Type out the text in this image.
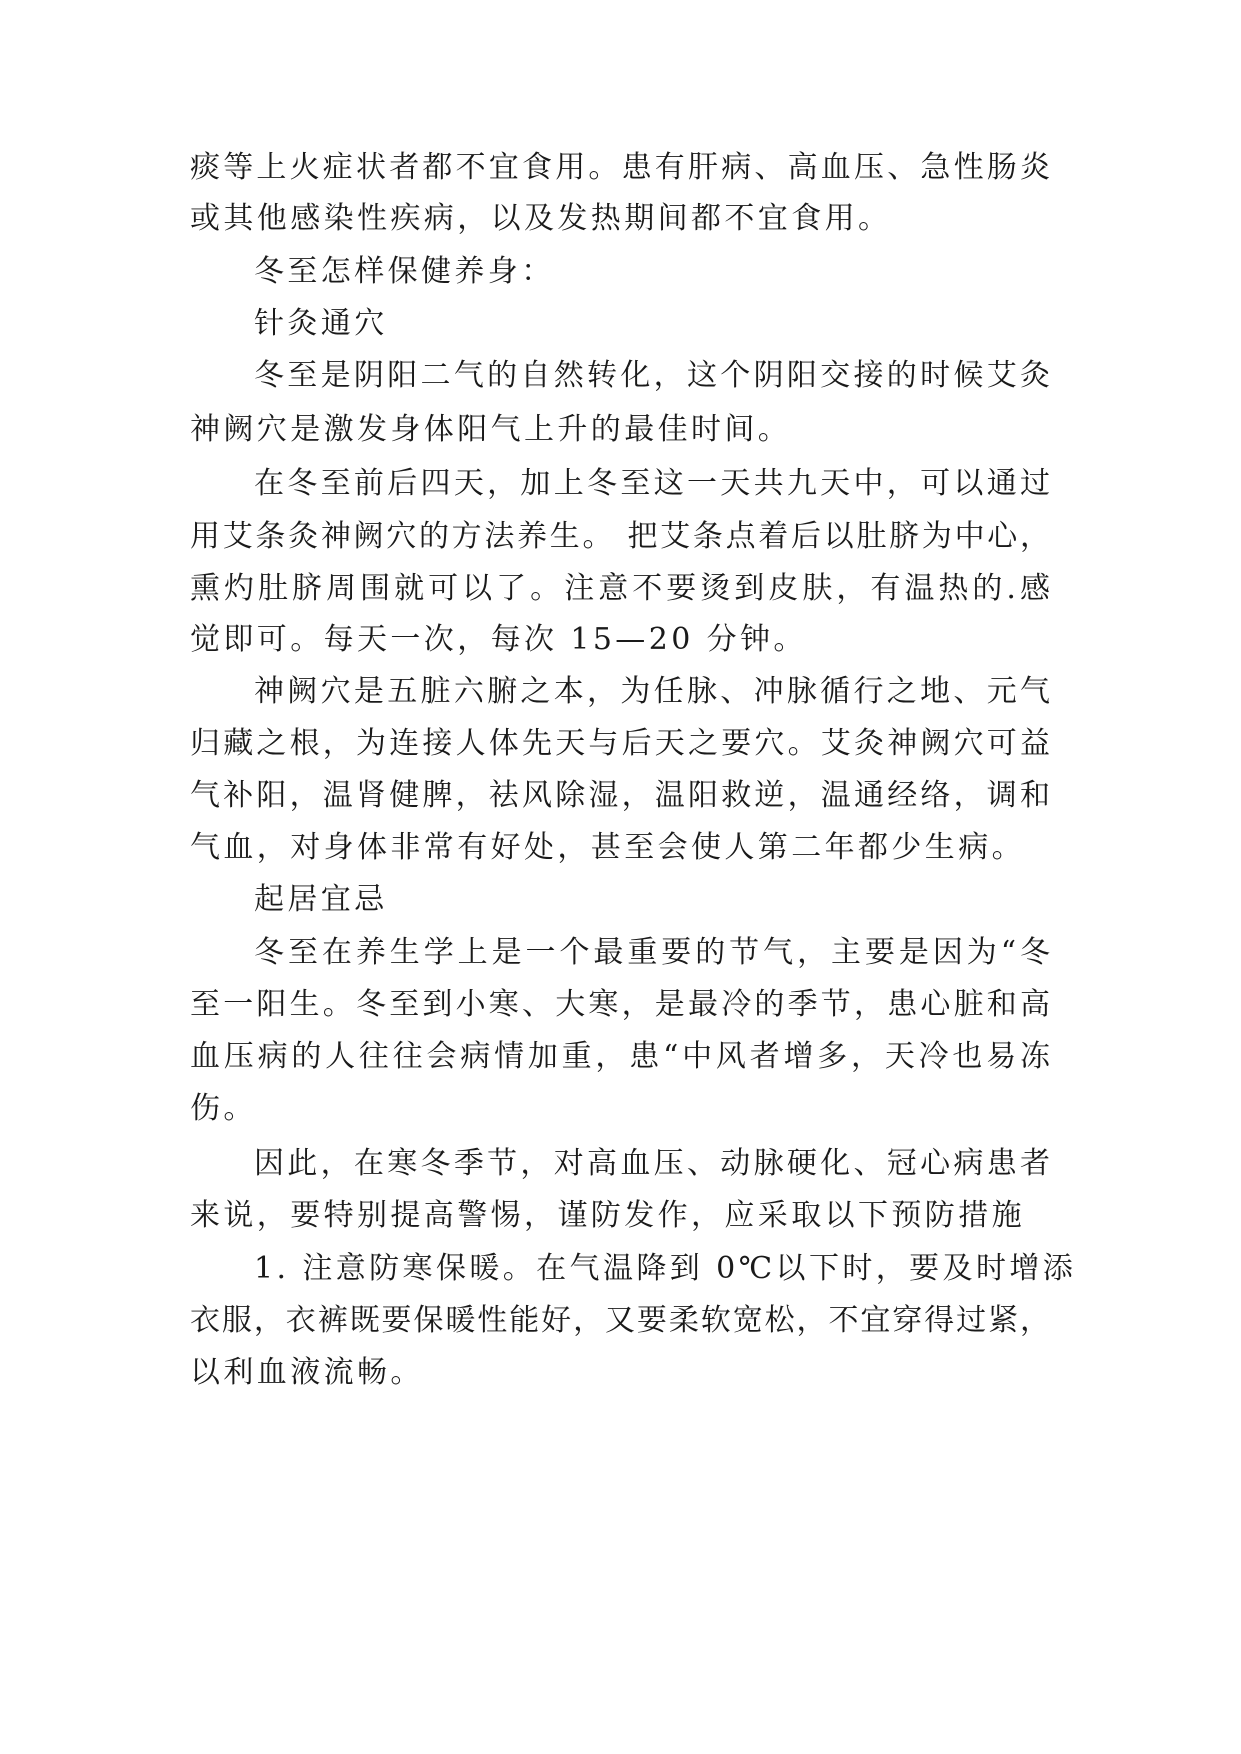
痰等上火症状者都不宜食用。患有肝病、高血压、急性肠炎

或其他感染性疾病，以及发热期间都不宜食用。

冬至怎样保健养身：

针灸通穴

冬至是阴阳二气的自然转化，这个阴阳交接的时候艾灸

神阙穴是激发身体阳气上升的最佳时间。

在冬至前后四天，加上冬至这一天共九天中，可以通过

用艾条灸神阙穴的方法养生。 把艾条点着后以肚脐为中心，

熏灼肚脐周围就可以了。注意不要烫到皮肤，有温热的.感

觉即可。每天一次，每次 15—20 分钟。

神阙穴是五脏六腑之本，为任脉、冲脉循行之地、元气

归藏之根，为连接人体先天与后天之要穴。艾灸神阙穴可益

气补阳，温肾健脾，祛风除湿，温阳救逆，温通经络，调和

气血，对身体非常有好处，甚至会使人第二年都少生病。

起居宜忌

冬至在养生学上是一个最重要的节气，主要是因为“冬

至一阳生。冬至到小寒、大寒，是最冷的季节，患心脏和高

血压病的人往往会病情加重，患“中风者增多，天冷也易冻

伤。

因此，在寒冬季节，对高血压、动脉硬化、冠心病患者

来说，要特别提高警惕，谨防发作，应采取以下预防措施

1. 注意防寒保暖。在气温降到 0℃以下时，要及时增添

衣服，衣裤既要保暖性能好，又要柔软宽松，不宜穿得过紧，

以利血液流畅。
